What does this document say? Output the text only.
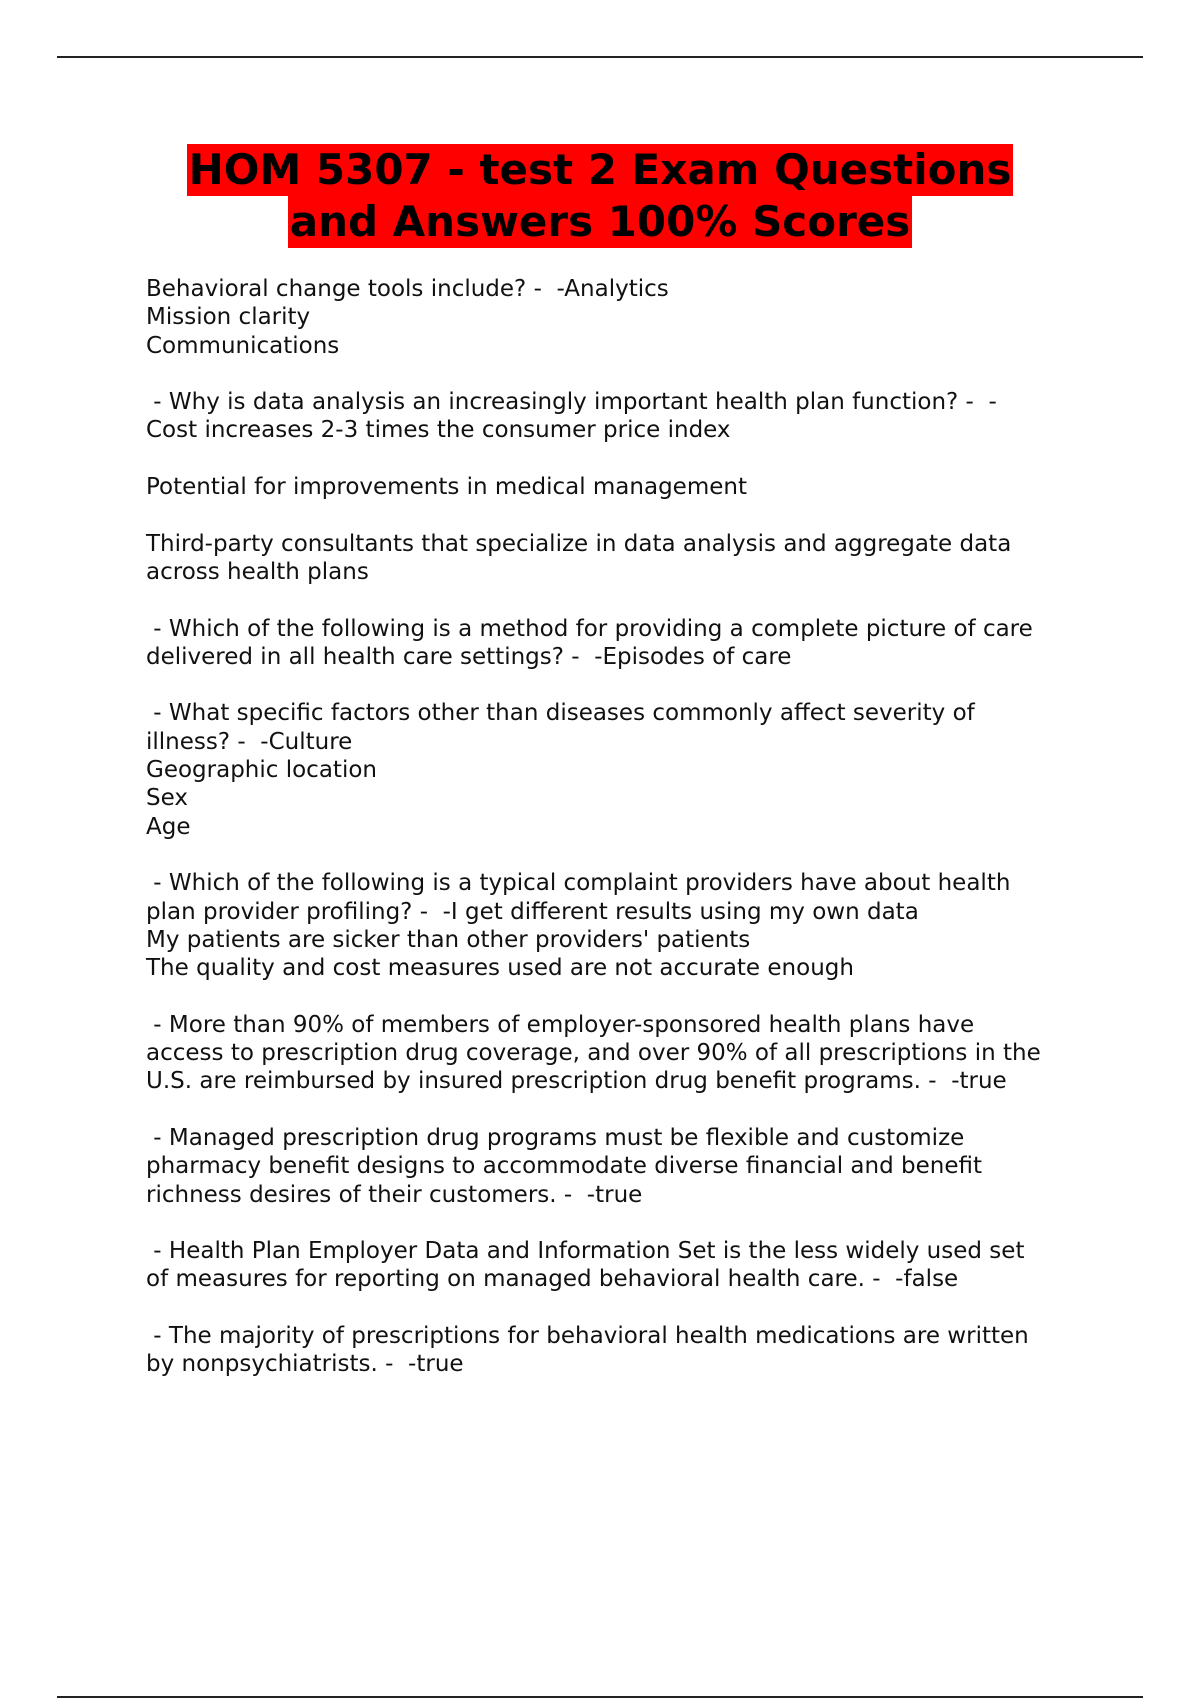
HOM 5307 - test 2 Exam Questions
and Answers 100% Scores
Behavioral change tools include? -  -Analytics
Mission clarity
Communications
- Why is data analysis an increasingly important health plan function? -  -
Cost increases 2-3 times the consumer price index
Potential for improvements in medical management
Third-party consultants that specialize in data analysis and aggregate data
across health plans
- Which of the following is a method for providing a complete picture of care
delivered in all health care settings? -  -Episodes of care
- What specific factors other than diseases commonly affect severity of
illness? -  -Culture
Geographic location
Sex
Age
- Which of the following is a typical complaint providers have about health
plan provider profiling? -  -I get different results using my own data
My patients are sicker than other providers' patients
The quality and cost measures used are not accurate enough
- More than 90% of members of employer-sponsored health plans have
access to prescription drug coverage, and over 90% of all prescriptions in the
U.S. are reimbursed by insured prescription drug benefit programs. -  -true
- Managed prescription drug programs must be flexible and customize
pharmacy benefit designs to accommodate diverse financial and benefit
richness desires of their customers. -  -true
- Health Plan Employer Data and Information Set is the less widely used set
of measures for reporting on managed behavioral health care. -  -false
- The majority of prescriptions for behavioral health medications are written
by nonpsychiatrists. -  -true
